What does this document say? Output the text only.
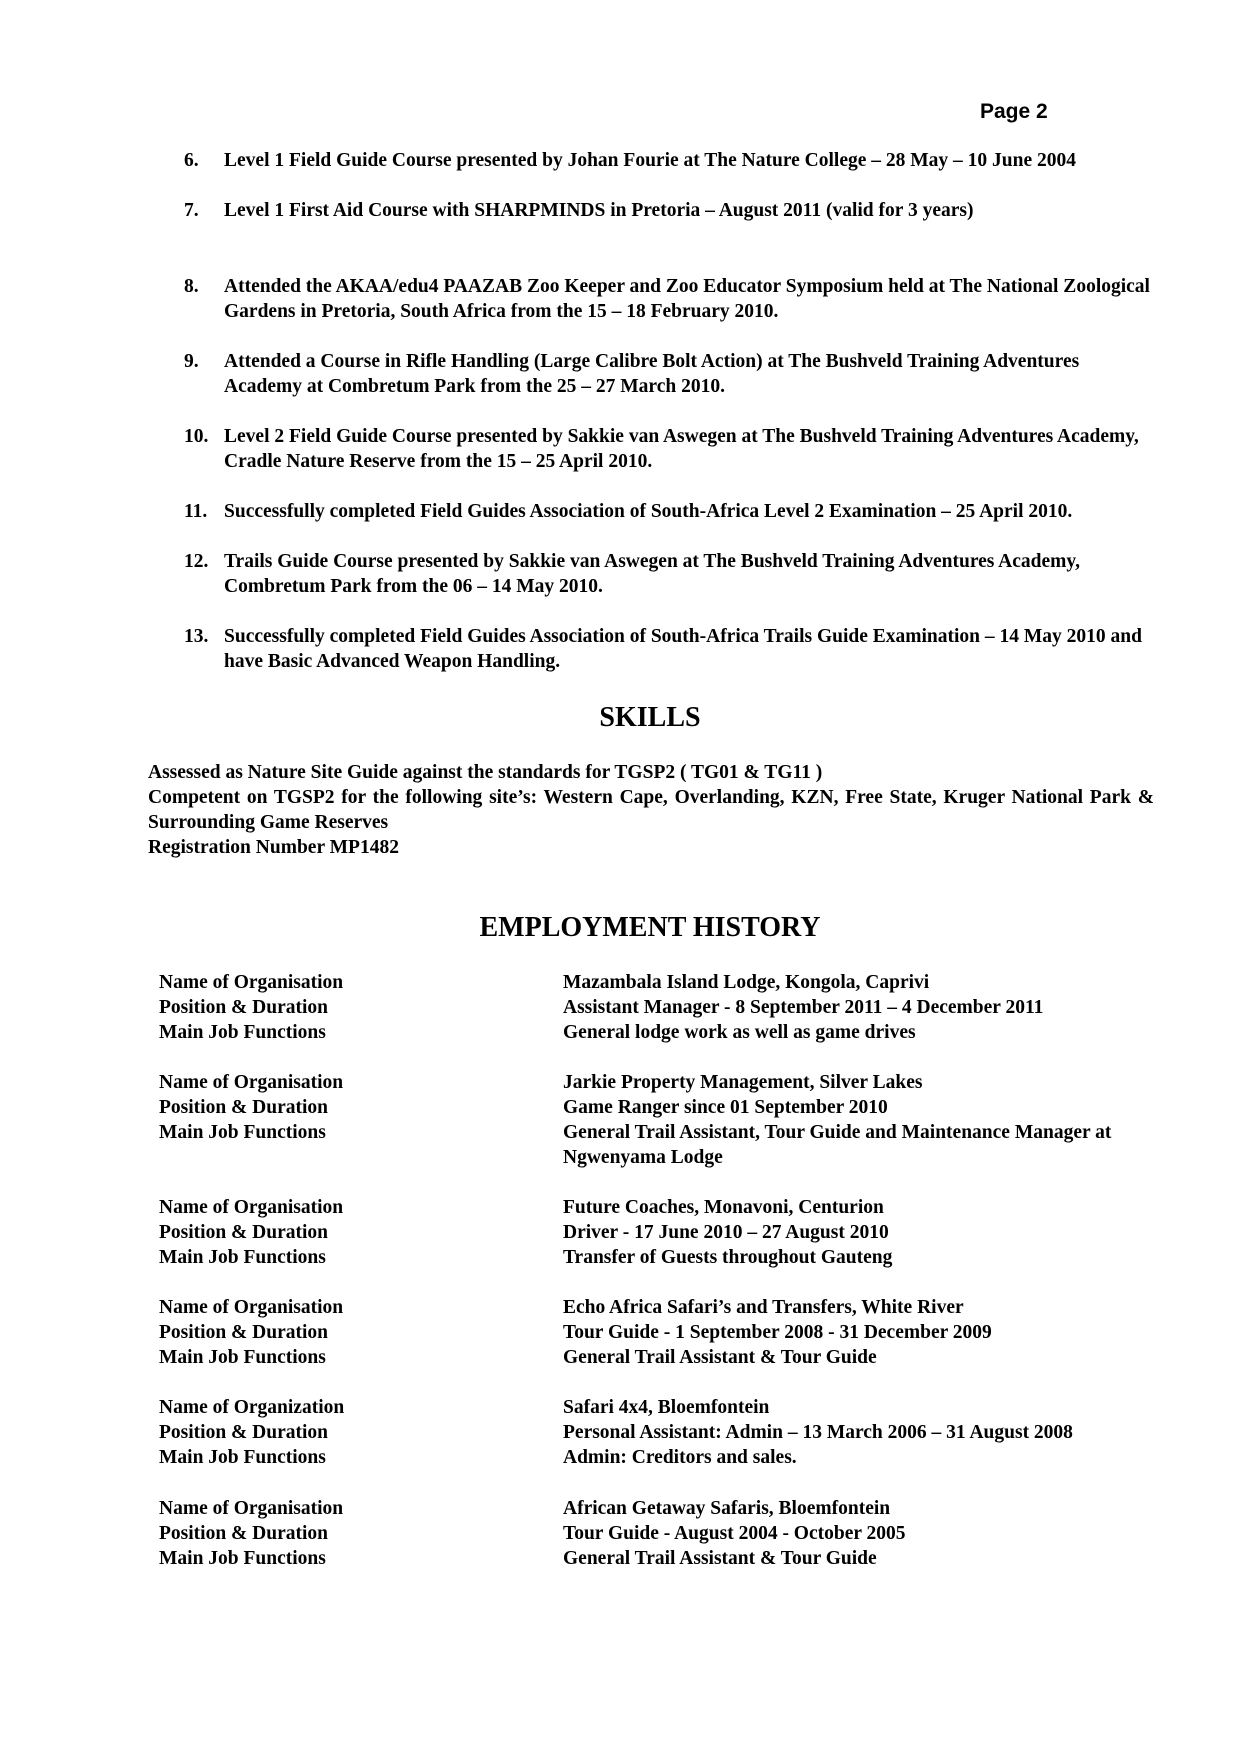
Page 2
6. Level 1 Field Guide Course presented by Johan Fourie at The Nature College – 28 May – 10 June 2004
7. Level 1 First Aid Course with SHARPMINDS in Pretoria – August 2011 (valid for 3 years)
8. Attended the AKAA/edu4 PAAZAB Zoo Keeper and Zoo Educator Symposium held at The National Zoological Gardens in Pretoria, South Africa from the 15 – 18 February 2010.
9. Attended a Course in Rifle Handling (Large Calibre Bolt Action) at The Bushveld Training Adventures Academy at Combretum Park from the 25 – 27 March 2010.
10. Level 2 Field Guide Course presented by Sakkie van Aswegen at The Bushveld Training Adventures Academy, Cradle Nature Reserve from the 15 – 25 April 2010.
11. Successfully completed Field Guides Association of South-Africa Level 2 Examination – 25 April 2010.
12. Trails Guide Course presented by Sakkie van Aswegen at The Bushveld Training Adventures Academy, Combretum Park from the 06 – 14 May 2010.
13. Successfully completed Field Guides Association of South-Africa Trails Guide Examination – 14 May 2010 and have Basic Advanced Weapon Handling.
SKILLS
Assessed as Nature Site Guide against the standards for TGSP2 ( TG01 & TG11 )
Competent on TGSP2 for the following site’s: Western Cape, Overlanding, KZN, Free State, Kruger National Park & Surrounding Game Reserves
Registration Number MP1482
EMPLOYMENT HISTORY
Name of Organisation	Mazambala Island Lodge, Kongola, Caprivi
Position & Duration	Assistant Manager - 8 September 2011 – 4 December 2011
Main Job Functions	General lodge work as well as game drives
Name of Organisation	Jarkie Property Management, Silver Lakes
Position & Duration	Game Ranger since 01 September 2010
Main Job Functions	General Trail Assistant, Tour Guide and Maintenance Manager at Ngwenyama Lodge
Name of Organisation	Future Coaches, Monavoni, Centurion
Position & Duration	Driver - 17 June 2010 – 27 August 2010
Main Job Functions	Transfer of Guests throughout Gauteng
Name of Organisation	Echo Africa Safari’s and Transfers, White River
Position & Duration	Tour Guide - 1 September 2008 - 31 December 2009
Main Job Functions	General Trail Assistant & Tour Guide
Name of Organization	Safari 4x4, Bloemfontein
Position & Duration	Personal Assistant: Admin – 13 March 2006 – 31 August 2008
Main Job Functions	Admin: Creditors and sales.
Name of Organisation	African Getaway Safaris, Bloemfontein
Position & Duration	Tour Guide - August 2004 - October 2005
Main Job Functions	General Trail Assistant & Tour Guide
